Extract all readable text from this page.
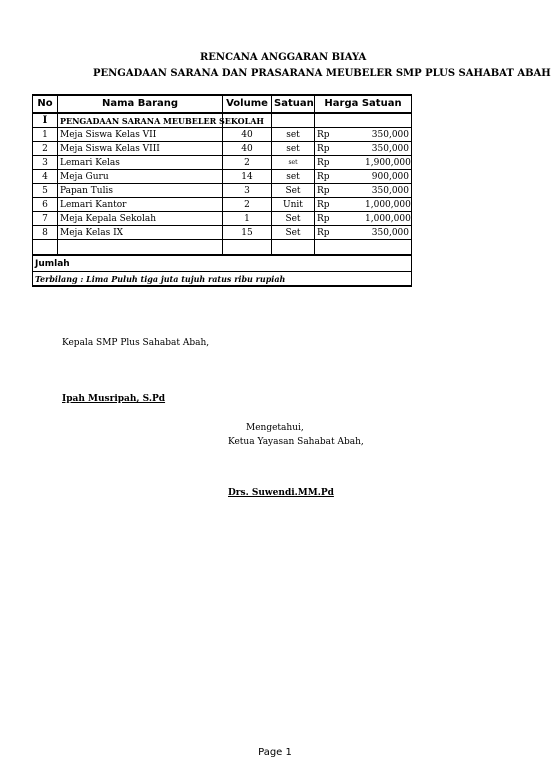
RENCANA ANGGARAN BIAYA
PENGADAAN SARANA DAN PRASARANA MEUBELER SMP PLUS SAHABAT ABAH
No	Nama Barang	Volume	Satuan	Harga Satuan	
I	PENGADAAN SARANA MEUBELER SEKOLAH				
1	Meja Siswa Kelas VII	40	set	Rp	350,000
2	Meja Siswa Kelas VIII	40	set	Rp	350,000
3	Lemari Kelas	2	set	Rp	1,900,000
4	Meja Guru	14	set	Rp	900,000
5	Papan Tulis	3	Set	Rp	350,000
6	Lemari Kantor	2	Unit	Rp	1,000,000
7	Meja Kepala Sekolah	1	Set	Rp	1,000,000
8	Meja Kelas IX	15	Set	Rp	350,000

Jumlah					
Terbilang : Lima Puluh tiga juta tujuh ratus ribu rupiah					
Kepala SMP Plus Sahabat Abah,
Ipah Musripah, S.Pd
Mengetahui,
Ketua Yayasan Sahabat Abah,
Drs. Suwendi.MM.Pd
Page 1
